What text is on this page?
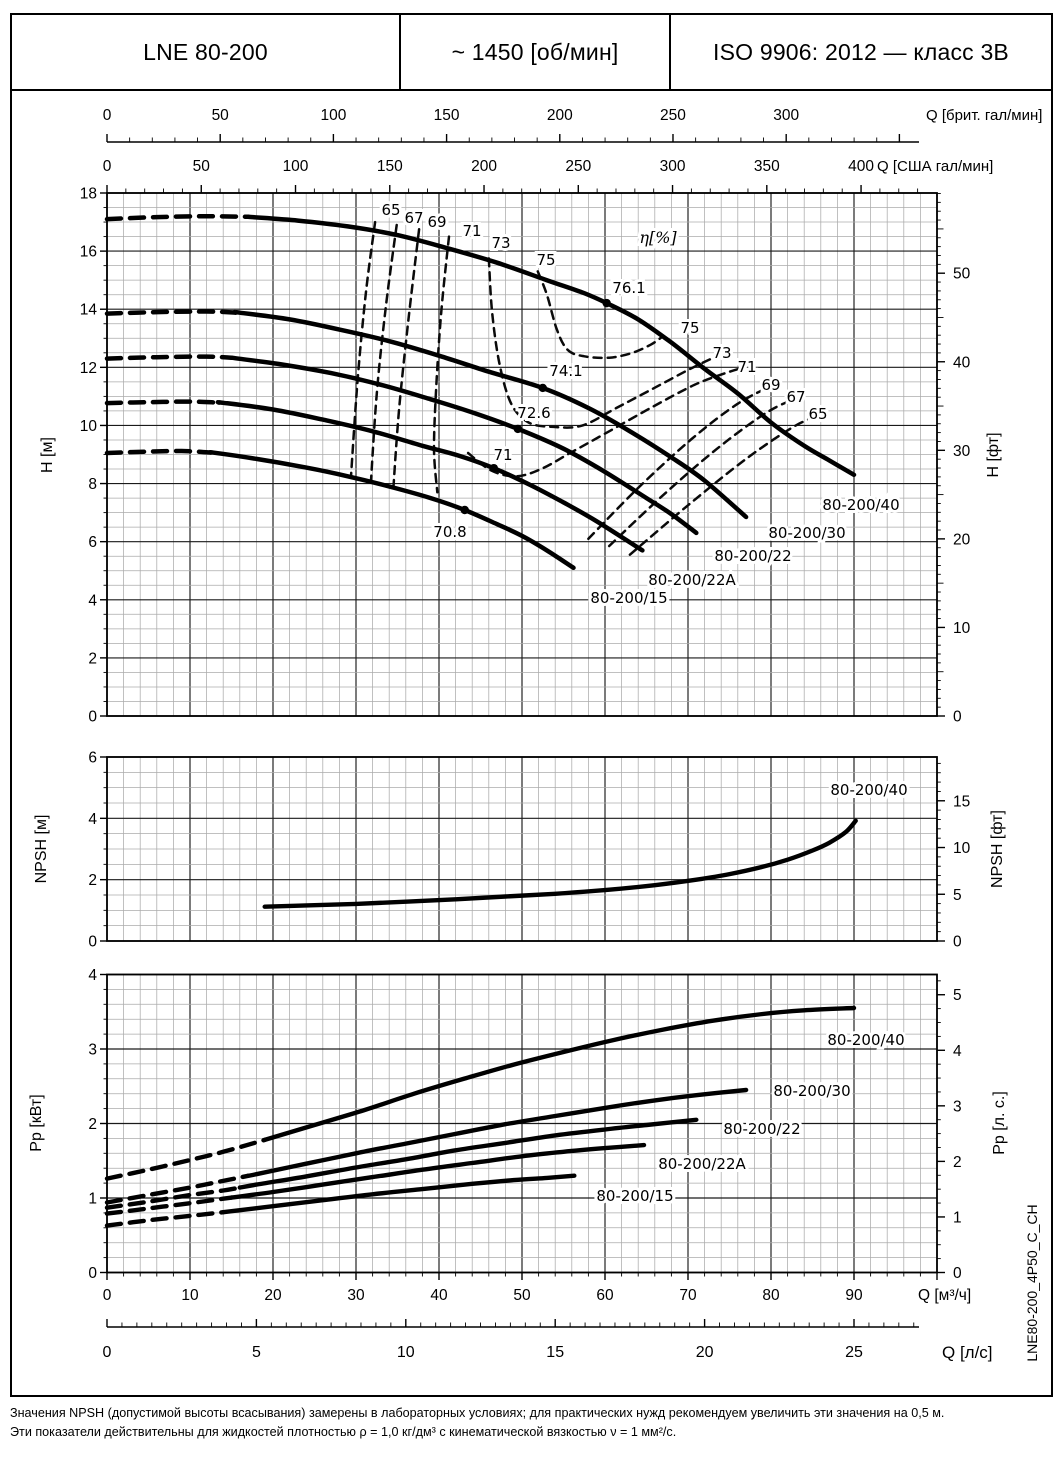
LNE 80-200	~ 1450 [об/мин]	ISO 9906: 2012 — класс 3В
80-200/40
80-200/30
80-200/22
80-200/22A
80-200/15
76.1
74.1
72.6
71
70.8
65 67 69 71
73
75
75
73
71
69
67
65
η[%]
80-200/40
80-200/40
80-200/30
80-200/22
80-200/22A
80-200/15
0
2
4
6
8
10
12
14
16
18
0
10
20
30
40
50
0
2
4
6
0
5
10
15
0
1
2
3
4
0
1
2
3
4
5
0	50	100	150	200	250	300	Q [брит. гал/мин]
0	50	100	150	200	250	300	350	400 Q [США гал/мин]
0	10	20	30	40	50	60	70	80	90	Q [м³/ч]
0	5	10	15	20	25	Q [л/с]
H [м]	H [фт]
NPSH [м]	NPSH [фт]
Pp [кВт]	Pp [л. с.]
LNE80-200_4P50_C_CH
Значения NPSH (допустимой высоты всасывания) замерены в лабораторных условиях; для практических нужд рекомендуем увеличить эти значения на 0,5 м.
Эти показатели действительны для жидкостей плотностью ρ = 1,0 кг/дм³ с кинематической вязкостью ν = 1 мм²/с.
